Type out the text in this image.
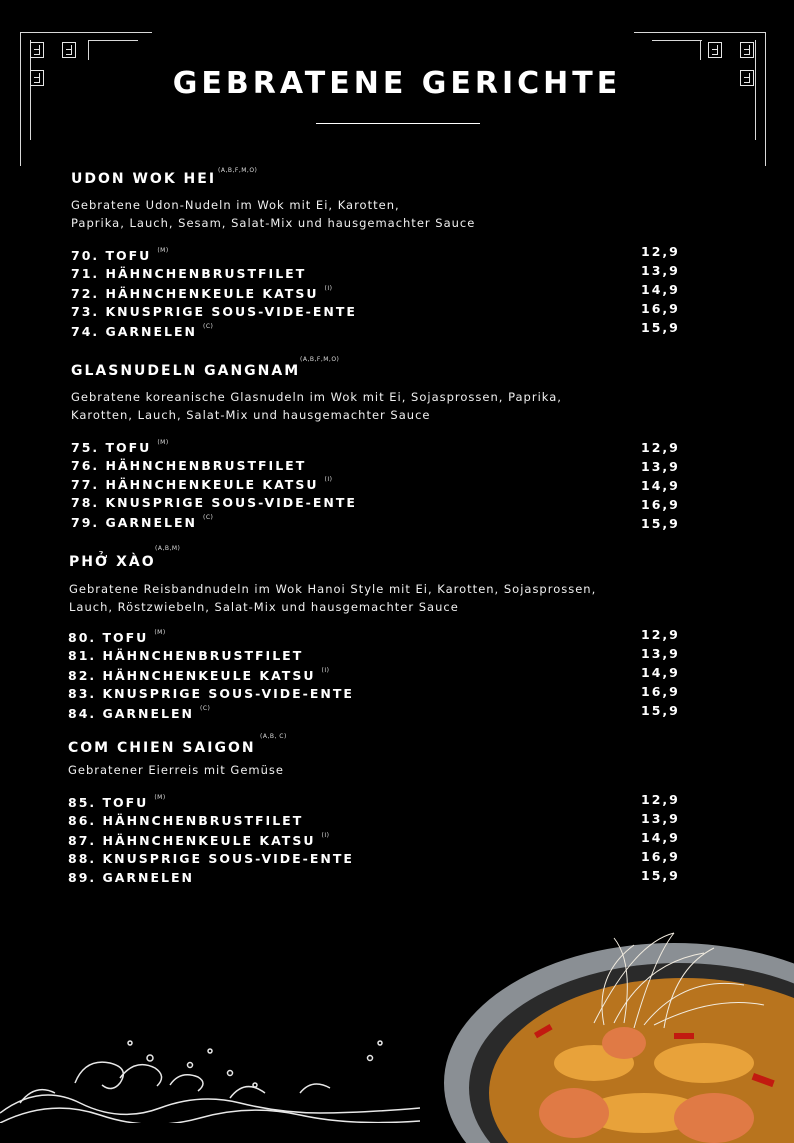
GEBRATENE GERICHTE
UDON WOK HEI
(A,B,F,M,O)
Gebratene Udon-Nudeln im Wok mit Ei, Karotten,
Paprika, Lauch, Sesam, Salat-Mix und hausgemachter Sauce
70. TOFU $^{(M)}$	12,9
71. HÄHNCHENBRUSTFILET	13,9
72. HÄHNCHENKEULE KATSU $^{(I)}$	14,9
73. KNUSPRIGE SOUS-VIDE-ENTE	16,9
74. GARNELEN $^{(C)}$	15,9
GLASNUDELN GANGNAM
(A,B,F,M,O)
Gebratene koreanische Glasnudeln im Wok mit Ei, Sojasprossen, Paprika,
Karotten, Lauch, Salat-Mix und hausgemachter Sauce
75. TOFU $^{(M)}$	12,9
76. HÄHNCHENBRUSTFILET	13,9
77. HÄHNCHENKEULE KATSU $^{(I)}$	14,9
78. KNUSPRIGE SOUS-VIDE-ENTE	16,9
79. GARNELEN $^{(C)}$	15,9
PHỞ XÀO
(A,B,M)
Gebratene Reisbandnudeln im Wok Hanoi Style mit Ei, Karotten, Sojasprossen,
Lauch, Röstzwiebeln, Salat-Mix und hausgemachter Sauce
80. TOFU $^{(M)}$	12,9
81. HÄHNCHENBRUSTFILET	13,9
82. HÄHNCHENKEULE KATSU $^{(I)}$	14,9
83. KNUSPRIGE SOUS-VIDE-ENTE	16,9
84. GARNELEN $^{(C)}$	15,9
COM CHIEN SAIGON
(A,B, C)
Gebratener Eierreis mit Gemüse
85. TOFU $^{(M)}$	12,9
86. HÄHNCHENBRUSTFILET	13,9
87. HÄHNCHENKEULE KATSU $^{(I)}$	14,9
88. KNUSPRIGE SOUS-VIDE-ENTE	16,9
89. GARNELEN	15,9
